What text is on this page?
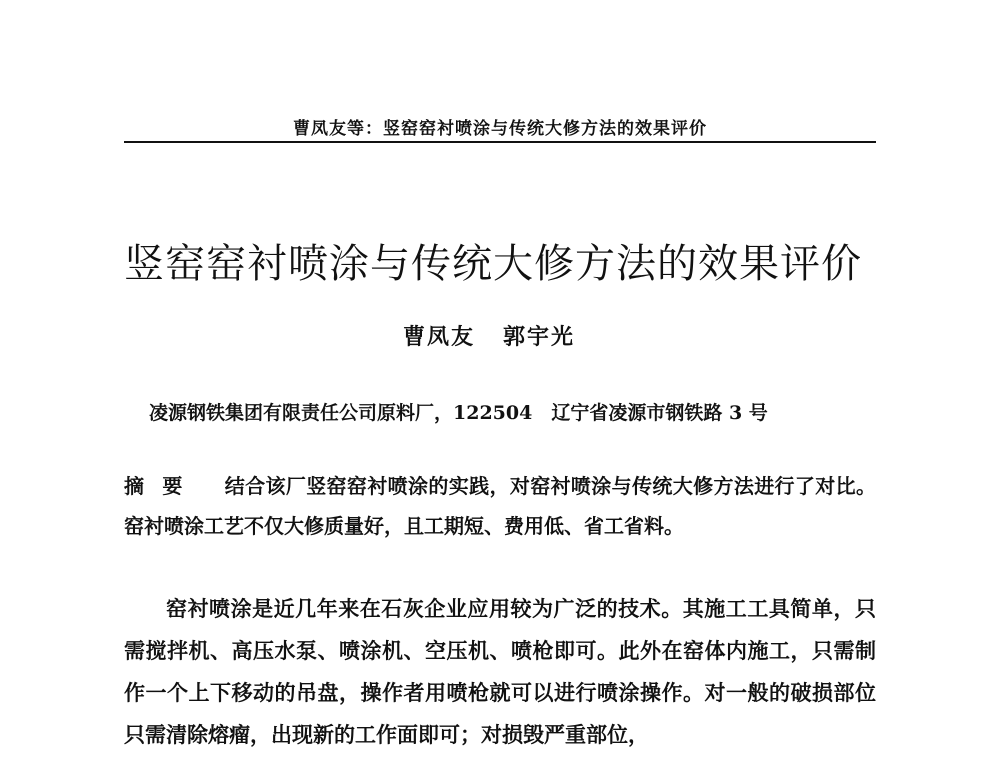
曹凤友等：竖窑窑衬喷涂与传统大修方法的效果评价
竖窑窑衬喷涂与传统大修方法的效果评价
曹凤友 郭宇光
凌源钢铁集团有限责任公司原料厂，122504　辽宁省凌源市钢铁路 3 号
摘要 结合该厂竖窑窑衬喷涂的实践，对窑衬喷涂与传统大修方法进行了对比。窑衬喷涂工艺不仅大修质量好，且工期短、费用低、省工省料。

窑衬喷涂是近几年来在石灰企业应用较为广泛的技术。其施工工具简单，只需搅拌机、高压水泵、喷涂机、空压机、喷枪即可。此外在窑体内施工，只需制作一个上下移动的吊盘，操作者用喷枪就可以进行喷涂操作。对一般的破损部位只需清除熔瘤，出现新的工作面即可；对损毁严重部位，
